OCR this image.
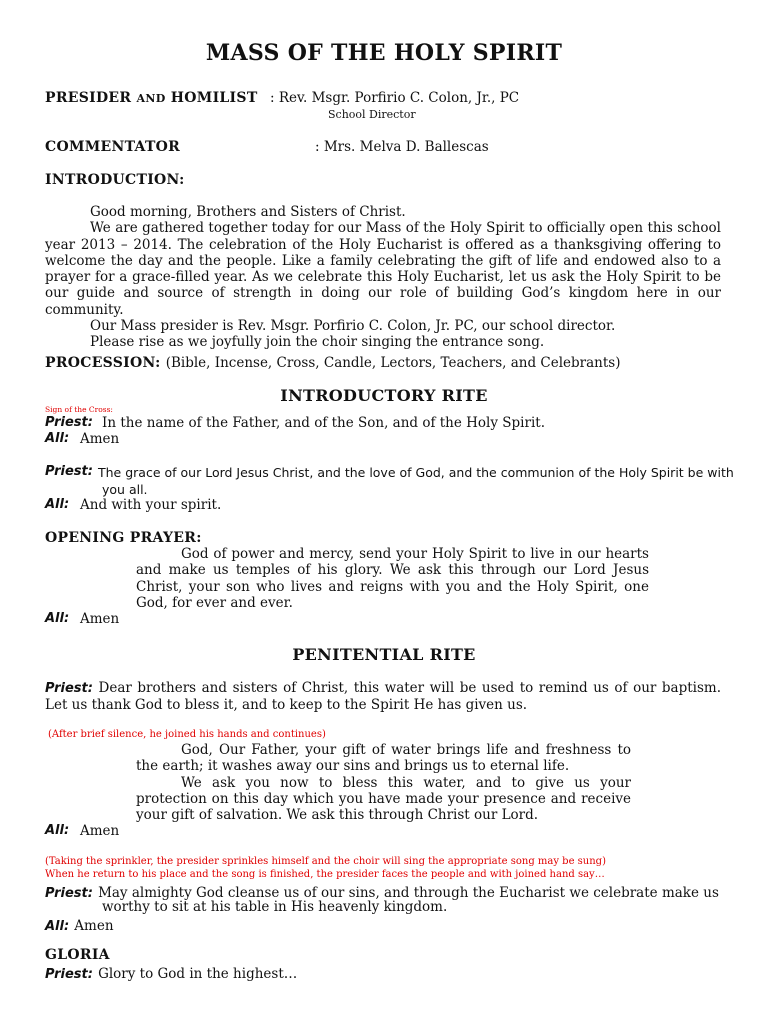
MASS OF THE HOLY SPIRIT
PRESIDER AND HOMILIST : Rev. Msgr. Porfirio C. Colon, Jr., PC
School Director
COMMENTATOR	: Mrs. Melva D. Ballescas
INTRODUCTION:

Good morning, Brothers and Sisters of Christ.

We are gathered together today for our Mass of the Holy Spirit to officially open this school year 2013 – 2014. The celebration of the Holy Eucharist is offered as a thanksgiving offering to welcome the day and the people. Like a family celebrating the gift of life and endowed also to a prayer for a grace-filled year. As we celebrate this Holy Eucharist, let us ask the Holy Spirit to be our guide and source of strength in doing our role of building God’s kingdom here in our community.

Our Mass presider is Rev. Msgr. Porfirio C. Colon, Jr. PC, our school director.

Please rise as we joyfully join the choir singing the entrance song.

PROCESSION: (Bible, Incense, Cross, Candle, Lectors, Teachers, and Celebrants)
INTRODUCTORY RITE
Sign of the Cross:
Priest: In the name of the Father, and of the Son, and of the Holy Spirit.
All: Amen
Priest: The grace of our Lord Jesus Christ, and the love of God, and the communion of the Holy Spirit be with
you all.
All: And with your spirit.
OPENING PRAYER:

God of power and mercy, send your Holy Spirit to live in our hearts and make us temples of his glory. We ask this through our Lord Jesus Christ, your son who lives and reigns with you and the Holy Spirit, one God, for ever and ever.

All: Amen
PENITENTIAL RITE
Priest: Dear brothers and sisters of Christ, this water will be used to remind us of our baptism. Let us thank God to bless it, and to keep to the Spirit He has given us.
(After brief silence, he joined his hands and continues)

God, Our Father, your gift of water brings life and freshness to the earth; it washes away our sins and brings us to eternal life.

We ask you now to bless this water, and to give us your protection on this day which you have made your presence and receive your gift of salvation. We ask this through Christ our Lord.

All: Amen
(Taking the sprinkler, the presider sprinkles himself and the choir will sing the appropriate song may be sung)
When he return to his place and the song is finished, the presider faces the people and with joined hand say…
Priest: May almighty God cleanse us of our sins, and through the Eucharist we celebrate make us
worthy to sit at his table in His heavenly kingdom.
All: Amen
GLORIA
Priest: Glory to God in the highest…
